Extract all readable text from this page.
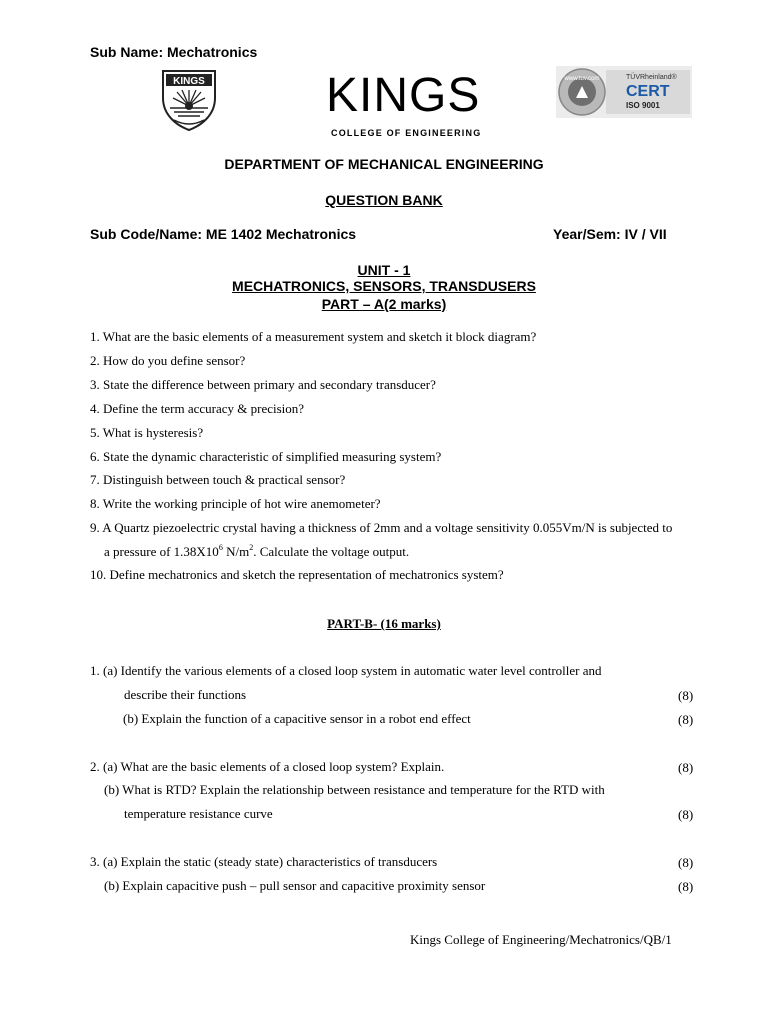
Sub Name: Mechatronics
KINGS	KINGS
COLLEGE OF ENGINEERING
www.tuv.com	TÜVRheinland®
CERT
ISO 9001
DEPARTMENT OF MECHANICAL ENGINEERING
QUESTION BANK
Sub Code/Name: ME 1402 Mechatronics	Year/Sem: IV / VII
UNIT - 1
MECHATRONICS, SENSORS, TRANSDUSERS
PART – A(2 marks)
1. What are the basic elements of a measurement system and sketch it block diagram?
2. How do you define sensor?
3. State the difference between primary and secondary transducer?
4. Define the term accuracy & precision?
5. What is hysteresis?
6. State the dynamic characteristic of simplified measuring system?
7. Distinguish between touch & practical sensor?
8. Write the working principle of hot wire anemometer?
9. A Quartz piezoelectric crystal having a thickness of 2mm and a voltage sensitivity 0.055Vm/N is subjected to
a pressure of $1.38X10^6$ $N/m^2$. Calculate the voltage output.
10. Define mechatronics and sketch the representation of mechatronics system?
PART-B- (16 marks)
1. (a) Identify the various elements of a closed loop system in automatic water level controller and
describe their functions	(8)
(b) Explain the function of a capacitive sensor in a robot end effect	(8)
2. (a) What are the basic elements of a closed loop system? Explain.	(8)
(b) What is RTD? Explain the relationship between resistance and temperature for the RTD with
temperature resistance curve	(8)
3. (a) Explain the static (steady state) characteristics of transducers	(8)
(b) Explain capacitive push – pull sensor and capacitive proximity sensor	(8)
Kings College of Engineering/Mechatronics/QB/1
